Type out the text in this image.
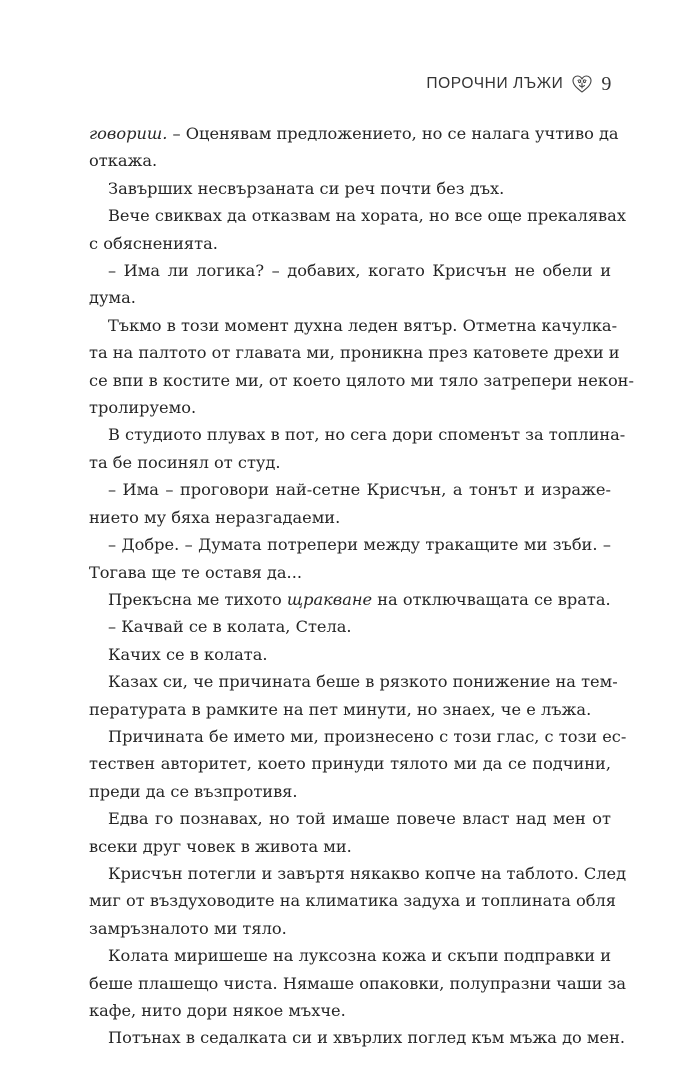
ПОРОЧНИ ЛЪЖИ 9

говориш. – Оценявам предложението, но се налага учтиво да
откажа.

Завърших несвързаната си реч почти без дъх.

Вече свиквах да отказвам на хората, но все още прекалявах
с обясненията.

– Има ли логика? – добавих, когато Крисчън не обели и
дума.

Тъкмо в този момент духна леден вятър. Отметна качулка-
та на палтото от главата ми, проникна през катовете дрехи и
се впи в костите ми, от което цялото ми тяло затрепери некон-
тролируемо.

В студиото плувах в пот, но сега дори споменът за топлина-
та бе посинял от студ.

– Има – проговори най-сетне Крисчън, а тонът и израже-
нието му бяха неразгадаеми.

– Добре. – Думата потрепери между тракащите ми зъби. –
Тогава ще те оставя да...

Прекъсна ме тихото щракване на отключващата се врата.

– Качвай се в колата, Стела.

Качих се в колата.

Казах си, че причината беше в рязкото понижение на тем-
пературата в рамките на пет минути, но знаех, че е лъжа.

Причината бе името ми, произнесено с този глас, с този ес-
тествен авторитет, което принуди тялото ми да се подчини,
преди да се възпротивя.

Едва го познавах, но той имаше повече власт над мен от
всеки друг човек в живота ми.

Крисчън потегли и завъртя някакво копче на таблото. След
миг от въздуховодите на климатика задуха и топлината обля
замръзналото ми тяло.

Колата миришеше на луксозна кожа и скъпи подправки и
беше плашещо чиста. Нямаше опаковки, полупразни чаши за
кафе, нито дори някое мъхче.

Потънах в седалката си и хвърлих поглед към мъжа до мен.
